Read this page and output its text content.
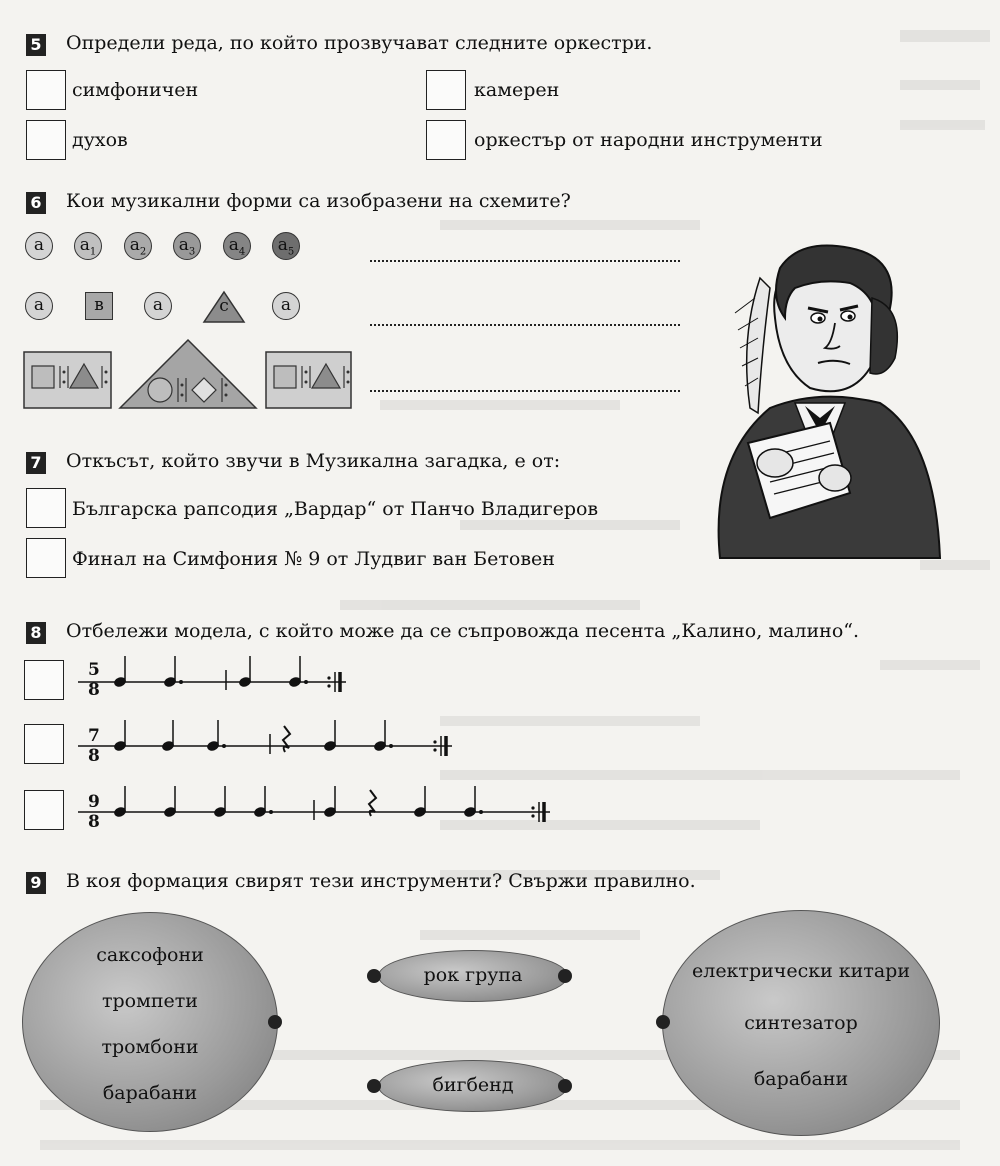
5 Определи реда, по който прозвучават следните оркестри.
симфоничен	камерен
духов	оркестър от народни инструменти
6 Кои музикални форми са изобразени на схемите?
a	$a_1$	$a_2$	$a_3$	$a_4$	$a_5$
a	в	a	c	a
7 Откъсът, който звучи в Музикална загадка, е от:
Българска рапсодия „Вардар“ от Панчо Владигеров
Финал на Симфония № 9 от Лудвиг ван Бетовен
8 Отбележи модела, с който може да се съпровожда песента „Калино, малино“.
5
8
7
8
9
8
9 В коя формация свирят тези инструменти? Свържи правилно.
саксофони
тромпети
тромбони
барабани
рок група
бигбенд
електрически китари
синтезатор
барабани
